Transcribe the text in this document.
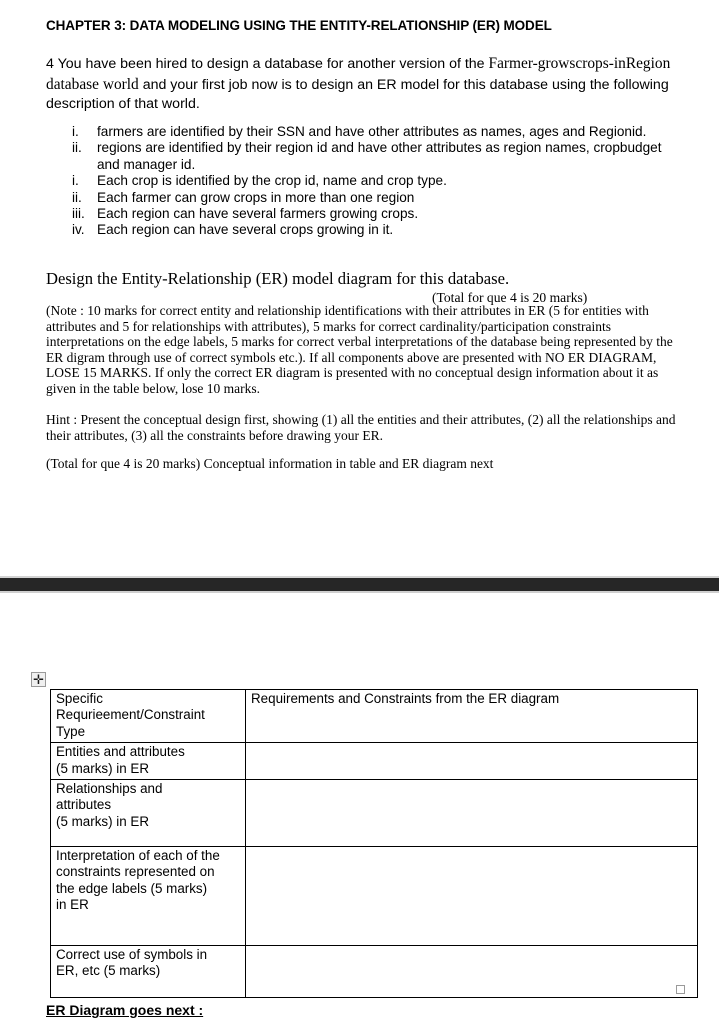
CHAPTER 3: DATA MODELING USING THE ENTITY-RELATIONSHIP (ER) MODEL
4 You have been hired to design a database for another version of the Farmer-growscrops-inRegion database world and your first job now is to design an ER model for this database using the following description of that world.
i.	farmers are identified by their SSN and have other attributes as names, ages and Regionid.
ii.	regions are identified by their region id and have other attributes as region names, cropbudget and manager id.
i.	Each crop is identified by the crop id, name and crop type.
ii.	Each farmer can grow crops in more than one region
iii. Each region can have several farmers growing crops.
iv. Each region can have several crops growing in it.
Design the Entity-Relationship (ER) model diagram for this database.
(Total for que 4 is 20 marks)
(Note : 10 marks for correct entity and relationship identifications with their attributes in ER (5 for entities with attributes and 5 for relationships with attributes), 5 marks for correct cardinality/participation constraints interpretations on the edge labels, 5 marks for correct verbal interpretations of the database being represented by the ER digram through use of correct symbols etc.). If all components above are presented with NO ER DIAGRAM, LOSE 15 MARKS. If only the correct ER diagram is presented with no conceptual design information about it as given in the table below, lose 10 marks.
Hint : Present the conceptual design first, showing (1) all the entities and their attributes, (2) all the relationships and their attributes, (3) all the constraints before drawing your ER.
(Total for que 4 is 20 marks) Conceptual information in table and ER diagram next
✛
Specific
Requrieement/Constraint
Type	Requirements and Constraints from the ER diagram

Entities and attributes
(5 marks) in ER	

Relationships and
attributes
(5 marks) in ER	

Interpretation of each of the
constraints represented on
the edge labels (5 marks)
in ER	

Correct use of symbols in
ER, etc (5 marks)	

ER Diagram goes next :
